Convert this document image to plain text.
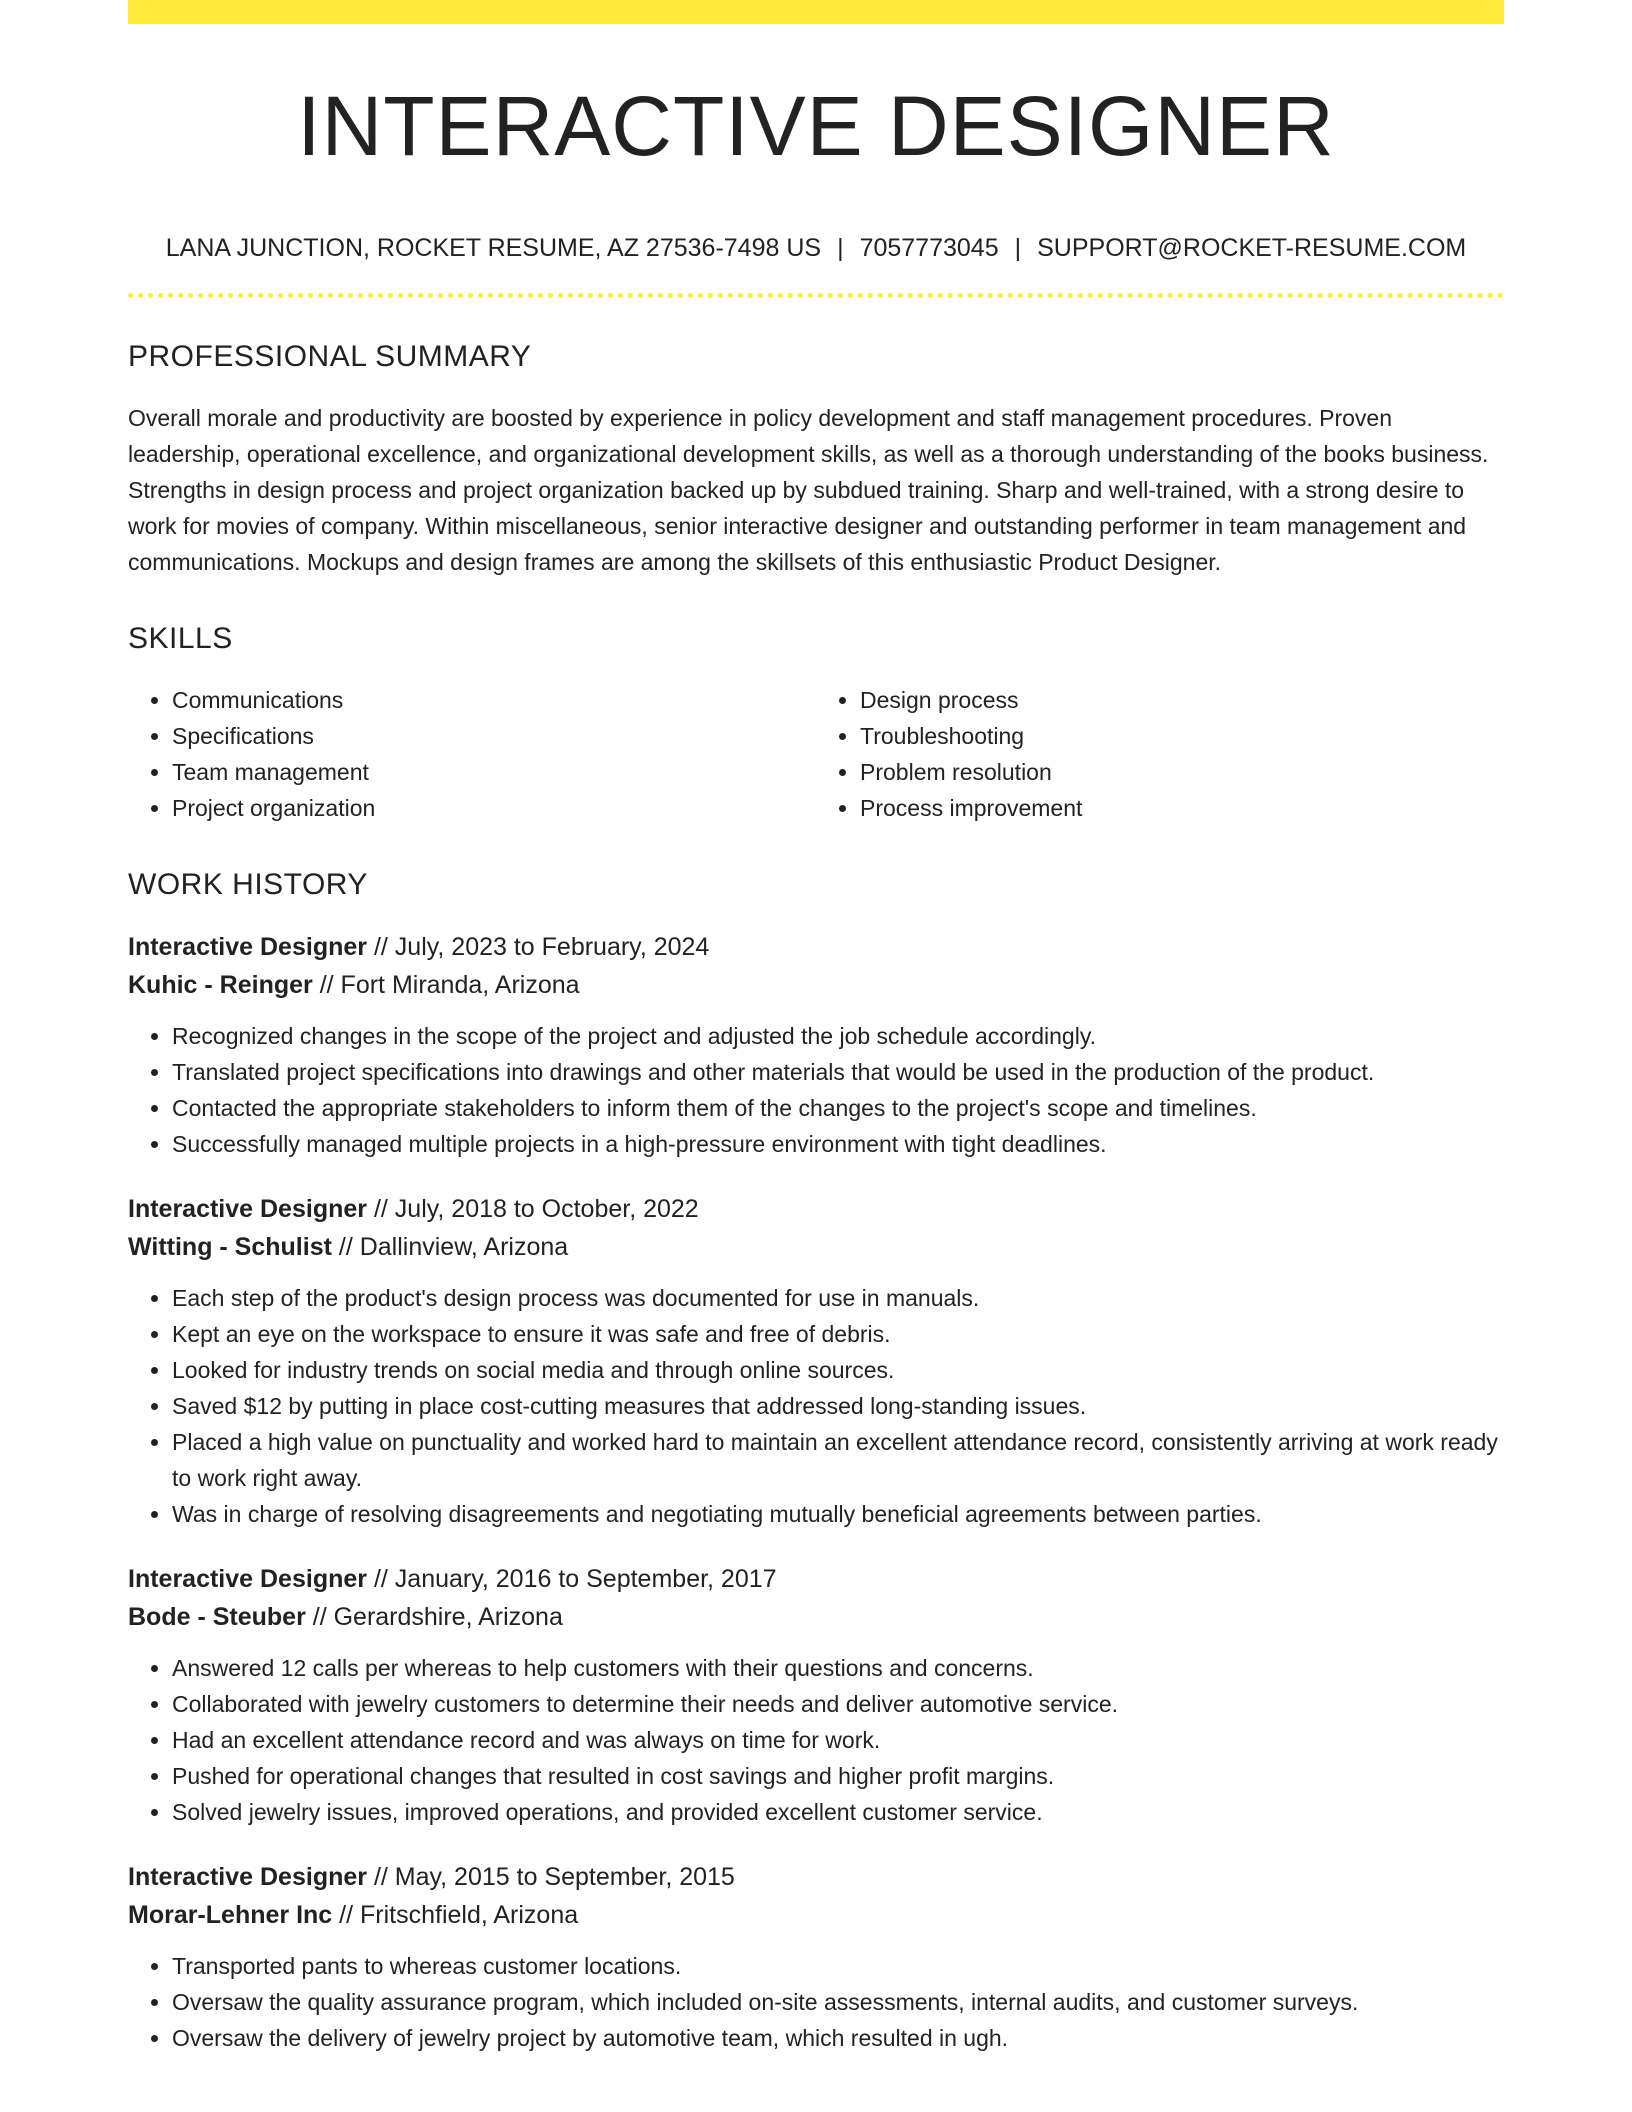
INTERACTIVE DESIGNER
LANA JUNCTION, ROCKET RESUME, AZ 27536-7498 US | 7057773045 | SUPPORT@ROCKET-RESUME.COM
PROFESSIONAL SUMMARY

Overall morale and productivity are boosted by experience in policy development and staff management procedures. Proven leadership, operational excellence, and organizational development skills, as well as a thorough understanding of the books business. Strengths in design process and project organization backed up by subdued training. Sharp and well-trained, with a strong desire to work for movies of company. Within miscellaneous, senior interactive designer and outstanding performer in team management and communications. Mockups and design frames are among the skillsets of this enthusiastic Product Designer.

SKILLS
• Communications
• Specifications
• Team management
• Project organization
• Design process
• Troubleshooting
• Problem resolution
• Process improvement
WORK HISTORY
Interactive Designer // July, 2023 to February, 2024
Kuhic - Reinger // Fort Miranda, Arizona
• Recognized changes in the scope of the project and adjusted the job schedule accordingly.
• Translated project specifications into drawings and other materials that would be used in the production of the product.
• Contacted the appropriate stakeholders to inform them of the changes to the project's scope and timelines.
• Successfully managed multiple projects in a high-pressure environment with tight deadlines.
Interactive Designer // July, 2018 to October, 2022
Witting - Schulist // Dallinview, Arizona
• Each step of the product's design process was documented for use in manuals.
• Kept an eye on the workspace to ensure it was safe and free of debris.
• Looked for industry trends on social media and through online sources.
• Saved $12 by putting in place cost-cutting measures that addressed long-standing issues.
• Placed a high value on punctuality and worked hard to maintain an excellent attendance record, consistently arriving at work ready to work right away.
• Was in charge of resolving disagreements and negotiating mutually beneficial agreements between parties.
Interactive Designer // January, 2016 to September, 2017
Bode - Steuber // Gerardshire, Arizona
• Answered 12 calls per whereas to help customers with their questions and concerns.
• Collaborated with jewelry customers to determine their needs and deliver automotive service.
• Had an excellent attendance record and was always on time for work.
• Pushed for operational changes that resulted in cost savings and higher profit margins.
• Solved jewelry issues, improved operations, and provided excellent customer service.
Interactive Designer // May, 2015 to September, 2015
Morar-Lehner Inc // Fritschfield, Arizona
• Transported pants to whereas customer locations.
• Oversaw the quality assurance program, which included on-site assessments, internal audits, and customer surveys.
• Oversaw the delivery of jewelry project by automotive team, which resulted in ugh.
